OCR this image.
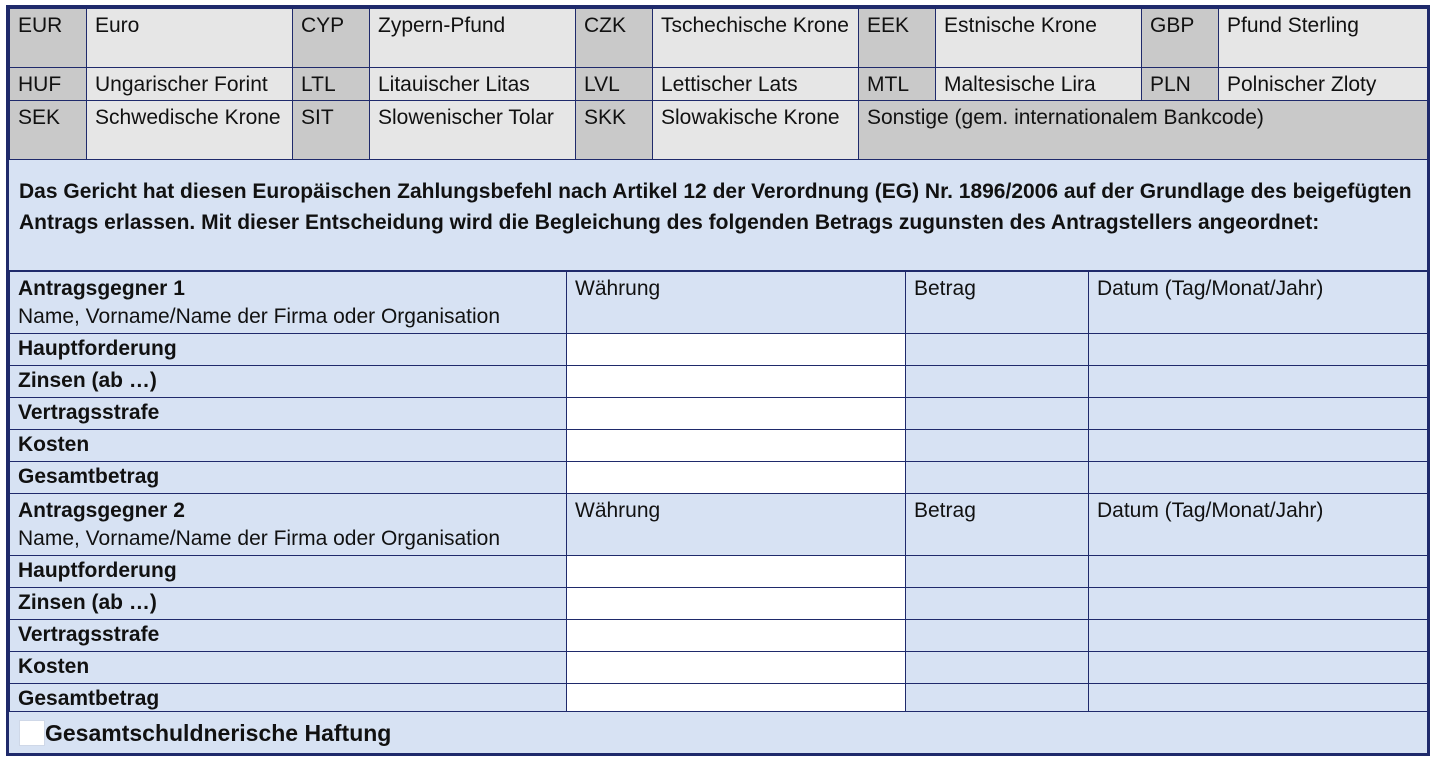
EUR	Euro	CYP	Zypern-Pfund	CZK	Tschechische Krone	EEK	Estnische Krone	GBP	Pfund Sterling
HUF	Ungarischer Forint	LTL	Litauischer Litas	LVL	Lettischer Lats	MTL	Maltesische Lira	PLN	Polnischer Zloty
SEK	Schwedische Krone	SIT	Slowenischer Tolar	SKK	Slowakische Krone	Sonstige (gem. internationalem Bankcode)			
Das Gericht hat diesen Europäischen Zahlungsbefehl nach Artikel 12 der Verordnung (EG) Nr. 1896/2006 auf der Grundlage des beigefügten Antrags erlassen. Mit dieser Entscheidung wird die Begleichung des folgenden Betrags zugunsten des Antragstellers angeordnet:
Antragsgegner 1
Name, Vorname/Name der Firma oder Organisation	Währung	Betrag	Datum (Tag/Monat/Jahr)
Hauptforderung			
Zinsen (ab …)			
Vertragsstrafe			
Kosten			
Gesamtbetrag			

Antragsgegner 2
Name, Vorname/Name der Firma oder Organisation	Währung	Betrag	Datum (Tag/Monat/Jahr)
Hauptforderung			
Zinsen (ab …)			
Vertragsstrafe			
Kosten			
Gesamtbetrag			
Gesamtschuldnerische Haftung
